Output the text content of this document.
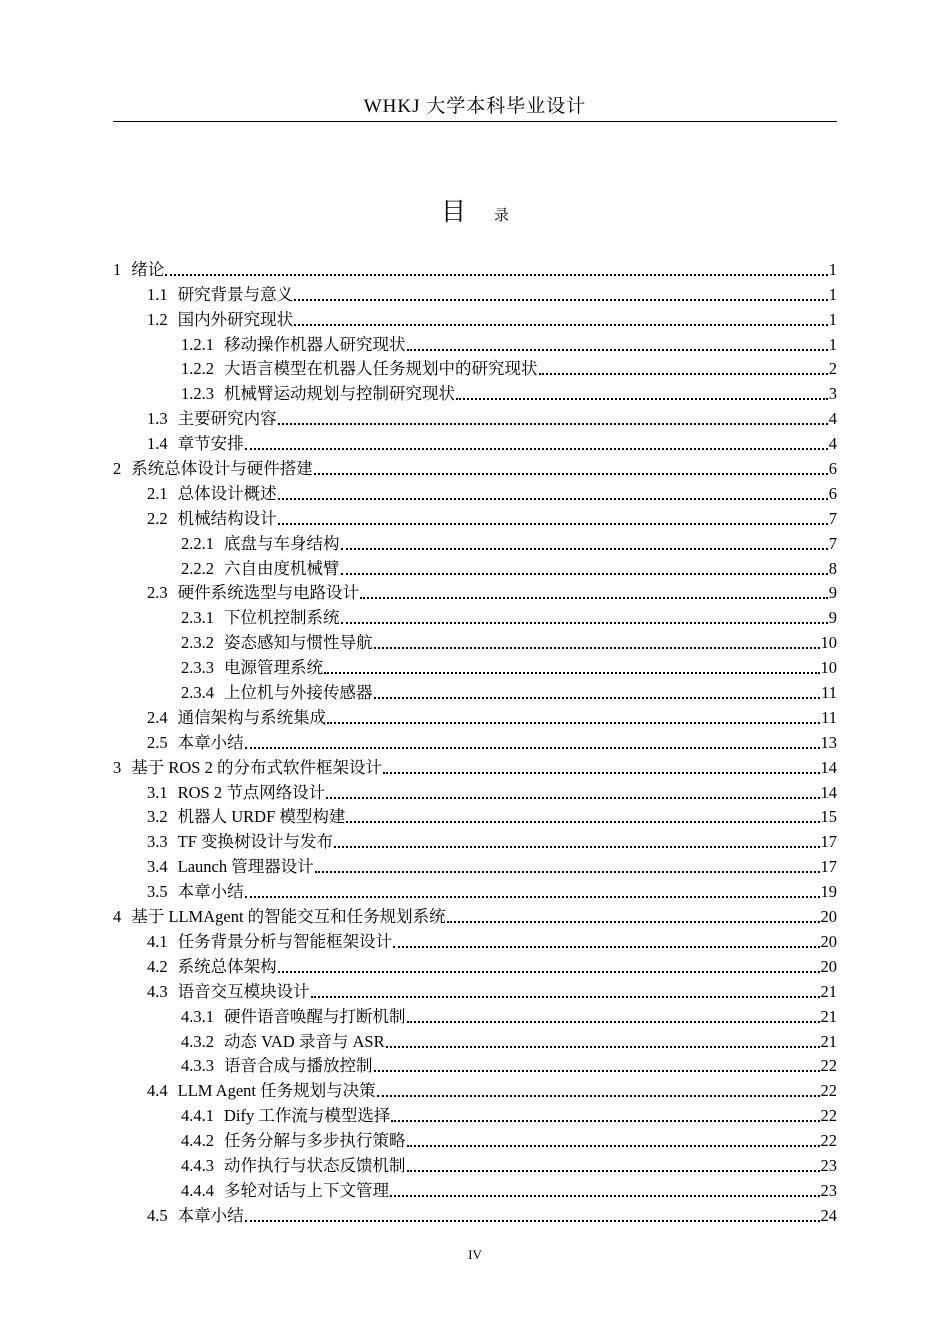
WHKJ 大学本科毕业设计
目 录
1 绪论	1
1.1 研究背景与意义	1
1.2 国内外研究现状	1
1.2.1 移动操作机器人研究现状	1
1.2.2 大语言模型在机器人任务规划中的研究现状	2
1.2.3 机械臂运动规划与控制研究现状	3
1.3 主要研究内容	4
1.4 章节安排	4
2 系统总体设计与硬件搭建	6
2.1 总体设计概述	6
2.2 机械结构设计	7
2.2.1 底盘与车身结构	7
2.2.2 六自由度机械臂	8
2.3 硬件系统选型与电路设计	9
2.3.1 下位机控制系统	9
2.3.2 姿态感知与惯性导航	10
2.3.3 电源管理系统	10
2.3.4 上位机与外接传感器	11
2.4 通信架构与系统集成	11
2.5 本章小结	13
3 基于 ROS 2 的分布式软件框架设计	14
3.1 ROS 2 节点网络设计	14
3.2 机器人 URDF 模型构建	15
3.3 TF 变换树设计与发布	17
3.4 Launch 管理器设计	17
3.5 本章小结	19
4 基于 LLMAgent 的智能交互和任务规划系统	20
4.1 任务背景分析与智能框架设计	20
4.2 系统总体架构	20
4.3 语音交互模块设计	21
4.3.1 硬件语音唤醒与打断机制	21
4.3.2 动态 VAD 录音与 ASR	21
4.3.3 语音合成与播放控制	22
4.4 LLM Agent 任务规划与决策	22
4.4.1 Dify 工作流与模型选择	22
4.4.2 任务分解与多步执行策略	22
4.4.3 动作执行与状态反馈机制	23
4.4.4 多轮对话与上下文管理	23
4.5 本章小结	24
IV
